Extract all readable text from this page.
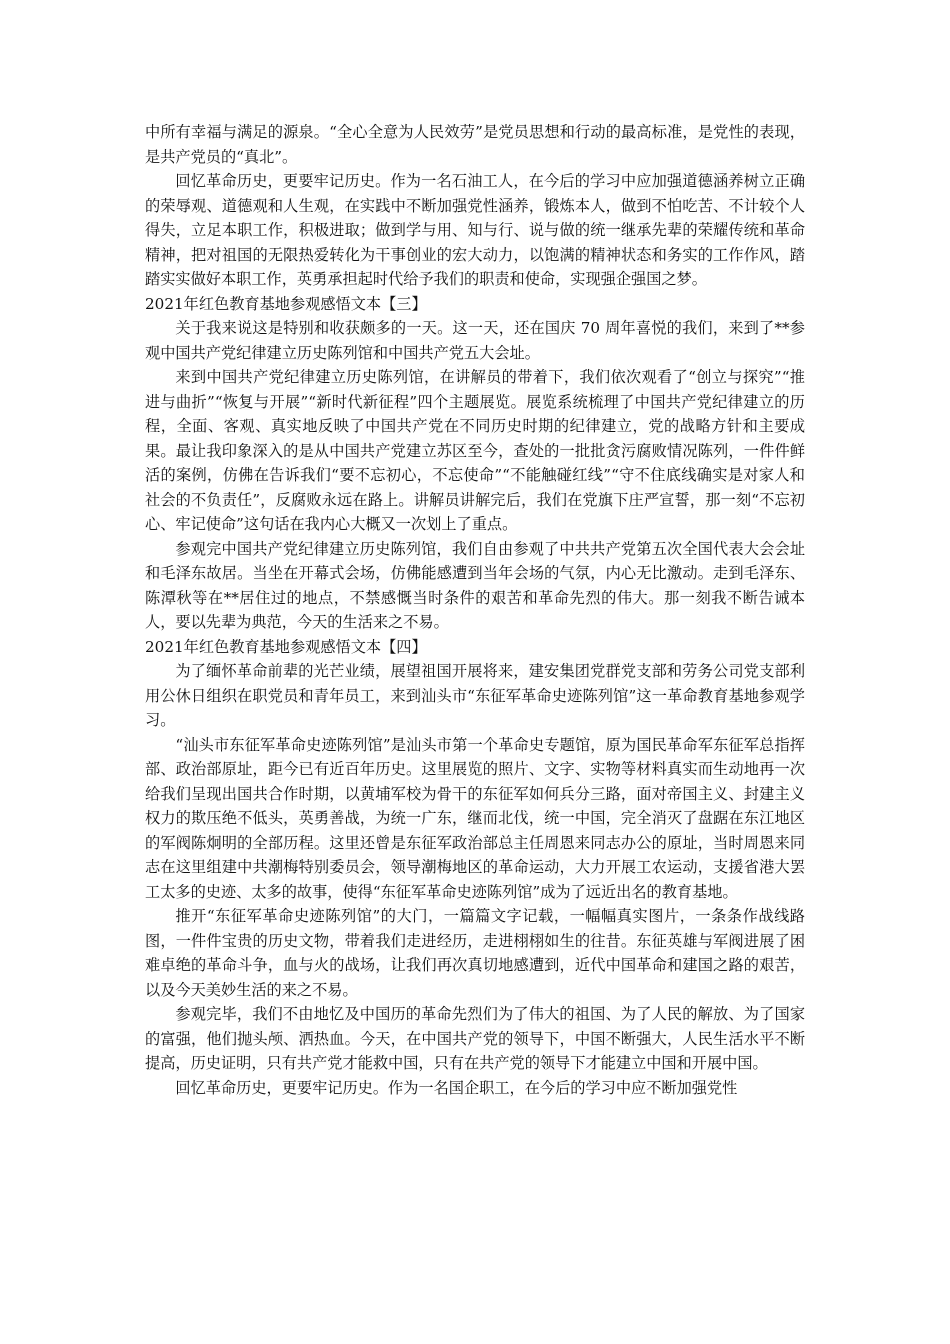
中所有幸福与满足的源泉。“全心全意为人民效劳”是党员思想和行动的最高标准，是党性的表现，是共产党员的“真北”。

回忆革命历史，更要牢记历史。作为一名石油工人，在今后的学习中应加强道德涵养树立正确的荣辱观、道德观和人生观，在实践中不断加强党性涵养，锻炼本人，做到不怕吃苦、不计较个人得失，立足本职工作，积极进取；做到学与用、知与行、说与做的统一继承先辈的荣耀传统和革命精神，把对祖国的无限热爱转化为干事创业的宏大动力，以饱满的精神状态和务实的工作作风，踏踏实实做好本职工作，英勇承担起时代给予我们的职责和使命，实现强企强国之梦。

2021年红色教育基地参观感悟文本【三】

关于我来说这是特别和收获颇多的一天。这一天，还在国庆 70 周年喜悦的我们，来到了**参观中国共产党纪律建立历史陈列馆和中国共产党五大会址。

来到中国共产党纪律建立历史陈列馆，在讲解员的带着下，我们依次观看了“创立与探究”“推进与曲折”“恢复与开展”“新时代新征程”四个主题展览。展览系统梳理了中国共产党纪律建立的历程，全面、客观、真实地反映了中国共产党在不同历史时期的纪律建立，党的战略方针和主要成果。最让我印象深入的是从中国共产党建立苏区至今，查处的一批批贪污腐败情况陈列，一件件鲜活的案例，仿佛在告诉我们“要不忘初心，不忘使命”“不能触碰红线”“守不住底线确实是对家人和社会的不负责任”，反腐败永远在路上。讲解员讲解完后，我们在党旗下庄严宣誓，那一刻“不忘初心、牢记使命”这句话在我内心大概又一次划上了重点。

参观完中国共产党纪律建立历史陈列馆，我们自由参观了中共共产党第五次全国代表大会会址和毛泽东故居。当坐在开幕式会场，仿佛能感遭到当年会场的气氛，内心无比激动。走到毛泽东、陈潭秋等在**居住过的地点，不禁感慨当时条件的艰苦和革命先烈的伟大。那一刻我不断告诫本人，要以先辈为典范，今天的生活来之不易。

2021年红色教育基地参观感悟文本【四】

为了缅怀革命前辈的光芒业绩，展望祖国开展将来，建安集团党群党支部和劳务公司党支部利用公休日组织在职党员和青年员工，来到汕头市“东征军革命史迹陈列馆”这一革命教育基地参观学习。

“汕头市东征军革命史迹陈列馆”是汕头市第一个革命史专题馆，原为国民革命军东征军总指挥部、政治部原址，距今已有近百年历史。这里展览的照片、文字、实物等材料真实而生动地再一次给我们呈现出国共合作时期，以黄埔军校为骨干的东征军如何兵分三路，面对帝国主义、封建主义权力的欺压绝不低头，英勇善战，为统一广东，继而北伐，统一中国，完全消灭了盘踞在东江地区的军阀陈炯明的全部历程。这里还曾是东征军政治部总主任周恩来同志办公的原址，当时周恩来同志在这里组建中共潮梅特别委员会，领导潮梅地区的革命运动，大力开展工农运动，支援省港大罢工太多的史迹、太多的故事，使得“东征军革命史迹陈列馆”成为了远近出名的教育基地。

推开“东征军革命史迹陈列馆”的大门，一篇篇文字记载，一幅幅真实图片，一条条作战线路图，一件件宝贵的历史文物，带着我们走进经历，走进栩栩如生的往昔。东征英雄与军阀进展了困难卓绝的革命斗争，血与火的战场，让我们再次真切地感遭到，近代中国革命和建国之路的艰苦，以及今天美妙生活的来之不易。

参观完毕，我们不由地忆及中国历的革命先烈们为了伟大的祖国、为了人民的解放、为了国家的富强，他们抛头颅、洒热血。今天，在中国共产党的领导下，中国不断强大，人民生活水平不断提高，历史证明，只有共产党才能救中国，只有在共产党的领导下才能建立中国和开展中国。

回忆革命历史，更要牢记历史。作为一名国企职工，在今后的学习中应不断加强党性
